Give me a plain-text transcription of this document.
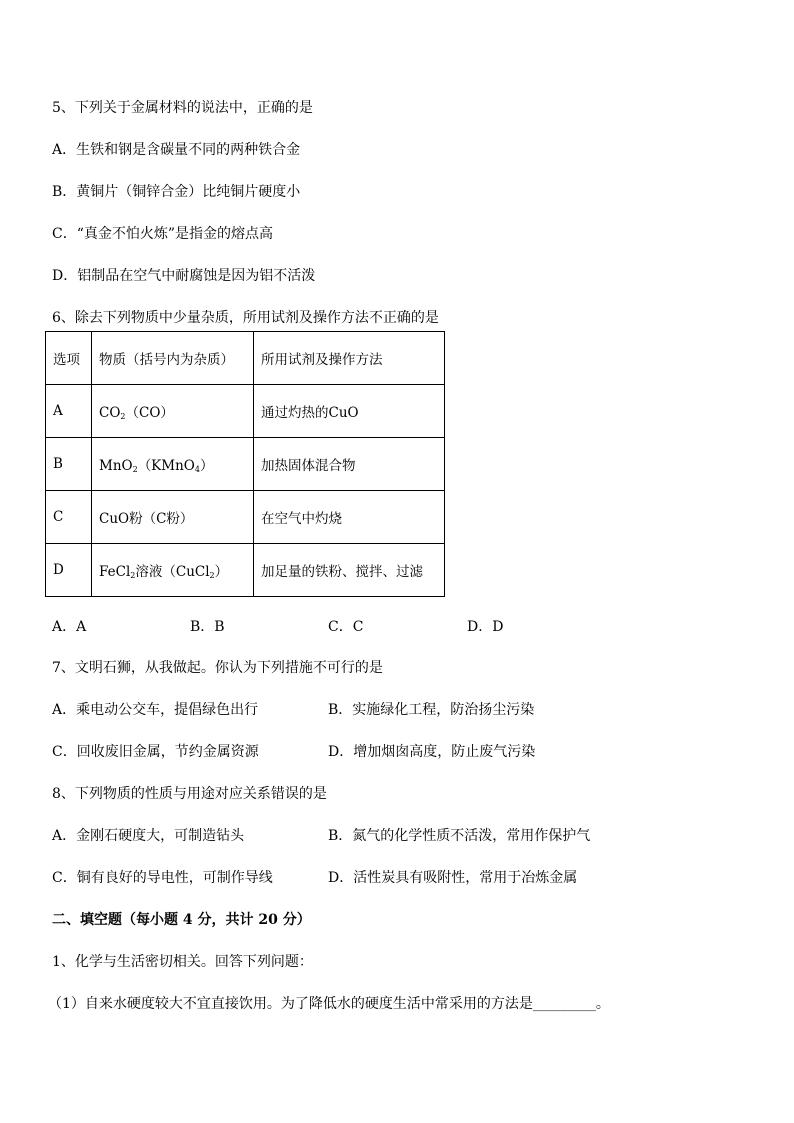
5、下列关于金属材料的说法中，正确的是
A．生铁和钢是含碳量不同的两种铁合金
B．黄铜片（铜锌合金）比纯铜片硬度小
C．“真金不怕火炼”是指金的熔点高
D．铝制品在空气中耐腐蚀是因为铝不活泼
6、除去下列物质中少量杂质，所用试剂及操作方法不正确的是
选项	物质（括号内为杂质）	所用试剂及操作方法
A	$CO_2(CO)$	通过灼热的CuO
B	MnO$_2$（KMnO$_4$）	加热固体混合物
C	CuO粉（C粉）	在空气中灼烧
D	FeCl$_2$溶液（CuCl$_2$）	加足量的铁粉、搅拌、过滤
A．A	B．B	C．C	D．D
7、文明石狮，从我做起。你认为下列措施不可行的是
A．乘电动公交车，提倡绿色出行	B．实施绿化工程，防治扬尘污染
C．回收废旧金属，节约金属资源	D．增加烟囱高度，防止废气污染
8、下列物质的性质与用途对应关系错误的是
A．金刚石硬度大，可制造钻头	B．氮气的化学性质不活泼，常用作保护气
C．铜有良好的导电性，可制作导线	D．活性炭具有吸附性，常用于冶炼金属
二、填空题（每小题 4 分，共计 20 分）
1、化学与生活密切相关。回答下列问题：
（1）自来水硬度较大不宜直接饮用。为了降低水的硬度生活中常采用的方法是_________。
